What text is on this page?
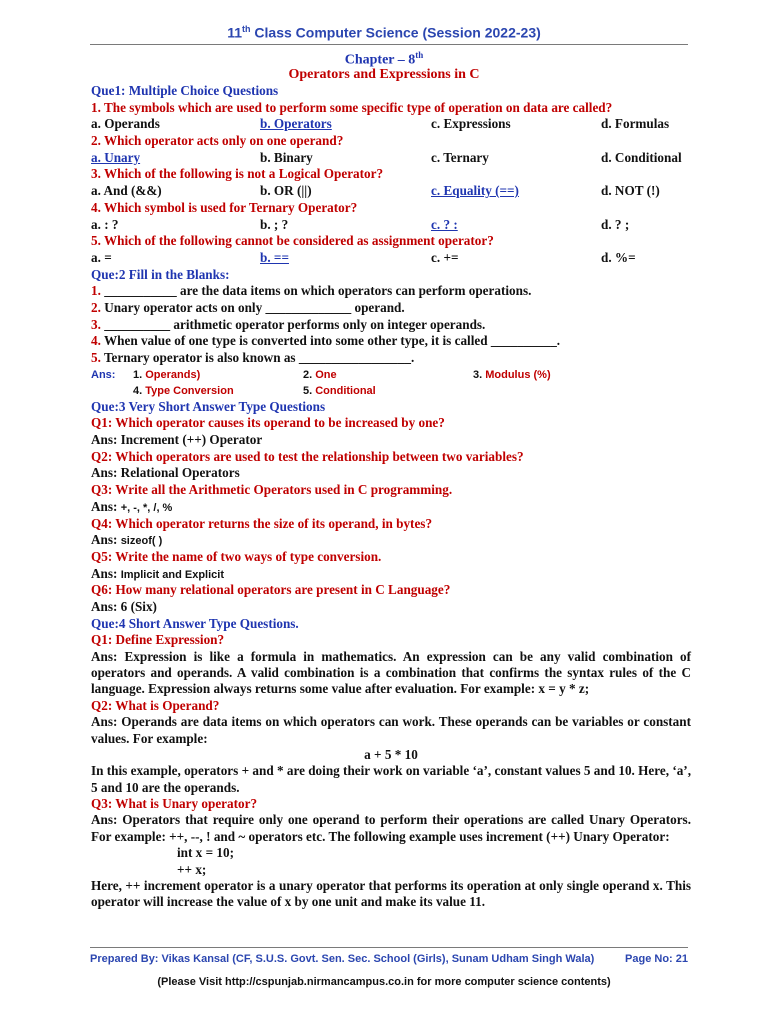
11th Class Computer Science (Session 2022-23)
Chapter – 8th
Operators and Expressions in C
Que1: Multiple Choice Questions
1. The symbols which are used to perform some specific type of operation on data are called?
a. Operands	b. Operators	c. Expressions	d. Formulas
2. Which operator acts only on one operand?
a. Unary	b. Binary	c. Ternary	d. Conditional
3. Which of the following is not a Logical Operator?
a. And (&&)	b. OR (||)	c. Equality (==)	d. NOT (!)
4. Which symbol is used for Ternary Operator?
a. : ?	b. ; ?	c. ? :	d. ? ;
5. Which of the following cannot be considered as assignment operator?
a. =	b. ==	c. +=	d. %=
Que:2 Fill in the Blanks:
1. ___________ are the data items on which operators can perform operations.
2. Unary operator acts on only _____________ operand.
3. __________ arithmetic operator performs only on integer operands.
4. When value of one type is converted into some other type, it is called __________.
5. Ternary operator is also known as _________________.
Ans: 1. Operands)	2. One	3. Modulus (%)
4. Type Conversion	5. Conditional
Que:3 Very Short Answer Type Questions
Q1: Which operator causes its operand to be increased by one?
Ans: Increment (++) Operator
Q2: Which operators are used to test the relationship between two variables?
Ans: Relational Operators
Q3: Write all the Arithmetic Operators used in C programming.
Ans: +, -, *, /, %
Q4: Which operator returns the size of its operand, in bytes?
Ans: sizeof( )
Q5: Write the name of two ways of type conversion.
Ans: Implicit and Explicit
Q6: How many relational operators are present in C Language?
Ans: 6 (Six)
Que:4 Short Answer Type Questions.
Q1: Define Expression?
Ans: Expression is like a formula in mathematics. An expression can be any valid combination of operators and operands. A valid combination is a combination that confirms the syntax rules of the C language. Expression always returns some value after evaluation. For example: x = y * z;
Q2: What is Operand?
Ans: Operands are data items on which operators can work. These operands can be variables or constant values. For example:
a + 5 * 10
In this example, operators + and * are doing their work on variable ‘a’, constant values 5 and 10. Here, ‘a’, 5 and 10 are the operands.
Q3: What is Unary operator?
Ans: Operators that require only one operand to perform their operations are called Unary Operators. For example: ++, --, ! and ~ operators etc. The following example uses increment (++) Unary Operator:
int x = 10;
++ x;
Here, ++ increment operator is a unary operator that performs its operation at only single operand x. This operator will increase the value of x by one unit and make its value 11.
Prepared By: Vikas Kansal (CF, S.U.S. Govt. Sen. Sec. School (Girls), Sunam Udham Singh Wala)	Page No: 21
(Please Visit http://cspunjab.nirmancampus.co.in for more computer science contents)
